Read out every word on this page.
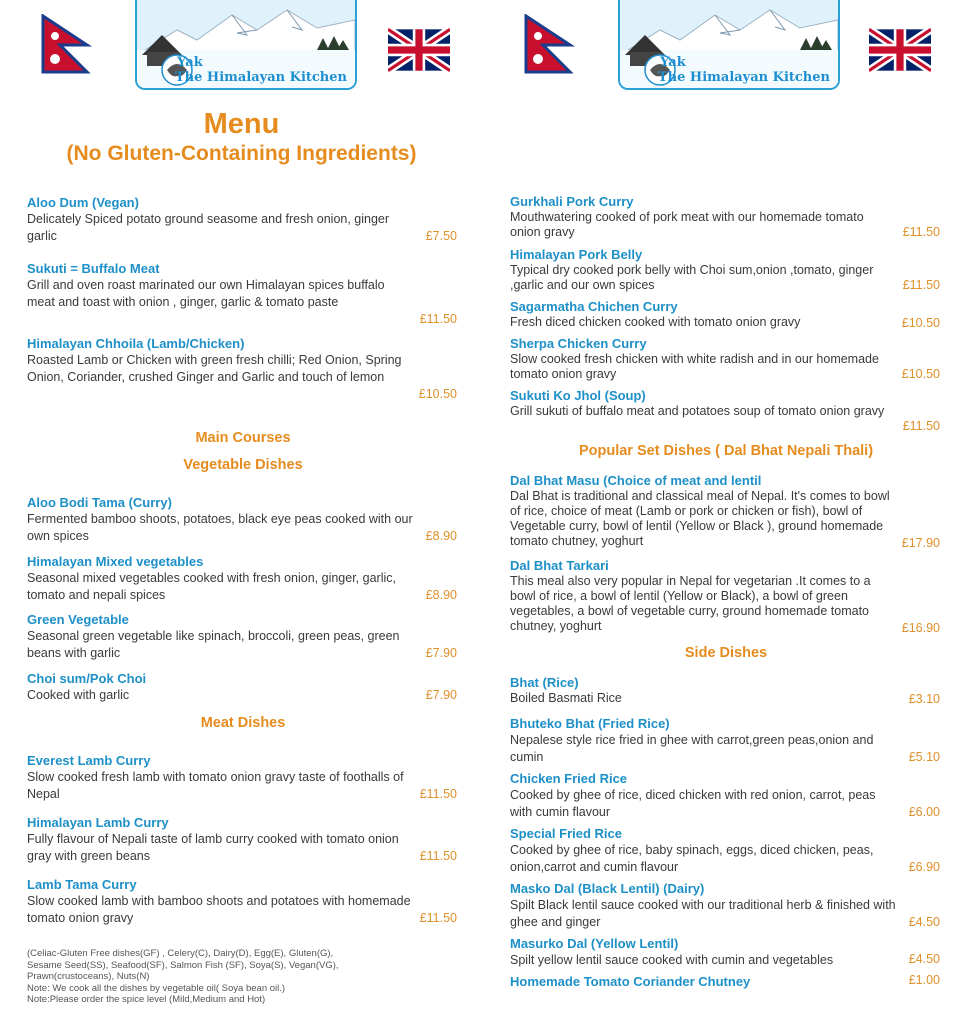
Yak
The Himalayan Kitchen
Yak
The Himalayan Kitchen
Menu
(No Gluten-Containing Ingredients)
Aloo Dum (Vegan)
Delicately Spiced potato ground seasome and fresh onion, ginger garlic	£7.50
Sukuti = Buffalo Meat
Grill and oven roast marinated our own Himalayan spices buffalo meat and toast with onion , ginger, garlic & tomato paste
£11.50
Himalayan Chhoila (Lamb/Chicken)
Roasted Lamb or Chicken with green fresh chilli; Red Onion, Spring Onion, Coriander, crushed Ginger and Garlic and touch of lemon
£10.50
Main Courses
Vegetable Dishes
Aloo Bodi Tama (Curry)
Fermented bamboo shoots, potatoes, black eye peas cooked with our own spices	£8.90
Himalayan Mixed vegetables
Seasonal mixed vegetables cooked with fresh onion, ginger, garlic, tomato and nepali spices	£8.90
Green Vegetable
Seasonal green vegetable like spinach, broccoli, green peas, green beans with garlic	£7.90
Choi sum/Pok Choi
Cooked with garlic	£7.90
Meat Dishes
Everest Lamb Curry
Slow cooked fresh lamb with tomato onion gravy taste of foothalls of Nepal	£11.50
Himalayan Lamb Curry
Fully flavour of Nepali taste of lamb curry cooked with tomato onion gray with green beans	£11.50
Lamb Tama Curry
Slow cooked lamb with bamboo shoots and potatoes with homemade tomato onion gravy	£11.50
(Celiac-Gluten Free dishes(GF) , Celery(C), Dairy(D), Egg(E), Gluten(G),
Sesame Seed(SS), Seafood(SF), Salmon Fish (SF), Soya(S), Vegan(VG),
Prawn(crustoceans), Nuts(N)
Note: We cook all the dishes by vegetable oil( Soya bean oil.)
Note:Please order the spice level (Mild,Medium and Hot)
Gurkhali Pork Curry
Mouthwatering cooked of pork meat with our homemade tomato onion gravy	£11.50
Himalayan Pork Belly
Typical dry cooked pork belly with Choi sum,onion ,tomato, ginger ,garlic and our own spices	£11.50
Sagarmatha Chichen Curry
Fresh diced chicken cooked with tomato onion gravy	£10.50
Sherpa Chicken Curry
Slow cooked fresh chicken with white radish and in our homemade tomato onion gravy	£10.50
Sukuti Ko Jhol (Soup)
Grill sukuti of buffalo meat and potatoes soup of tomato onion gravy
£11.50
Popular Set Dishes ( Dal Bhat Nepali Thali)
Dal Bhat Masu (Choice of meat and lentil
Dal Bhat is traditional and classical meal of Nepal. It's comes to bowl of rice, choice of meat (Lamb or pork or chicken or fish), bowl of Vegetable curry, bowl of lentil (Yellow or Black ), ground homemade tomato chutney, yoghurt	£17.90
Dal Bhat Tarkari
This meal also very popular in Nepal for vegetarian .It comes to a bowl of rice, a bowl of lentil (Yellow or Black), a bowl of green vegetables, a bowl of vegetable curry, ground homemade tomato chutney, yoghurt	£16.90
Side Dishes
Bhat (Rice)
Boiled Basmati Rice	£3.10
Bhuteko Bhat (Fried Rice)
Nepalese style rice fried in ghee with carrot,green peas,onion and cumin	£5.10
Chicken Fried Rice
Cooked by ghee of rice, diced chicken with red onion, carrot, peas with cumin flavour	£6.00
Special Fried Rice
Cooked by ghee of rice, baby spinach, eggs, diced chicken, peas, onion,carrot and cumin flavour	£6.90
Masko Dal (Black Lentil) (Dairy)
Spilt Black lentil sauce cooked with our traditional herb & finished with ghee and ginger	£4.50
Masurko Dal (Yellow Lentil)
Spilt yellow lentil sauce cooked with cumin and vegetables	£4.50
Homemade Tomato Coriander Chutney	£1.00
